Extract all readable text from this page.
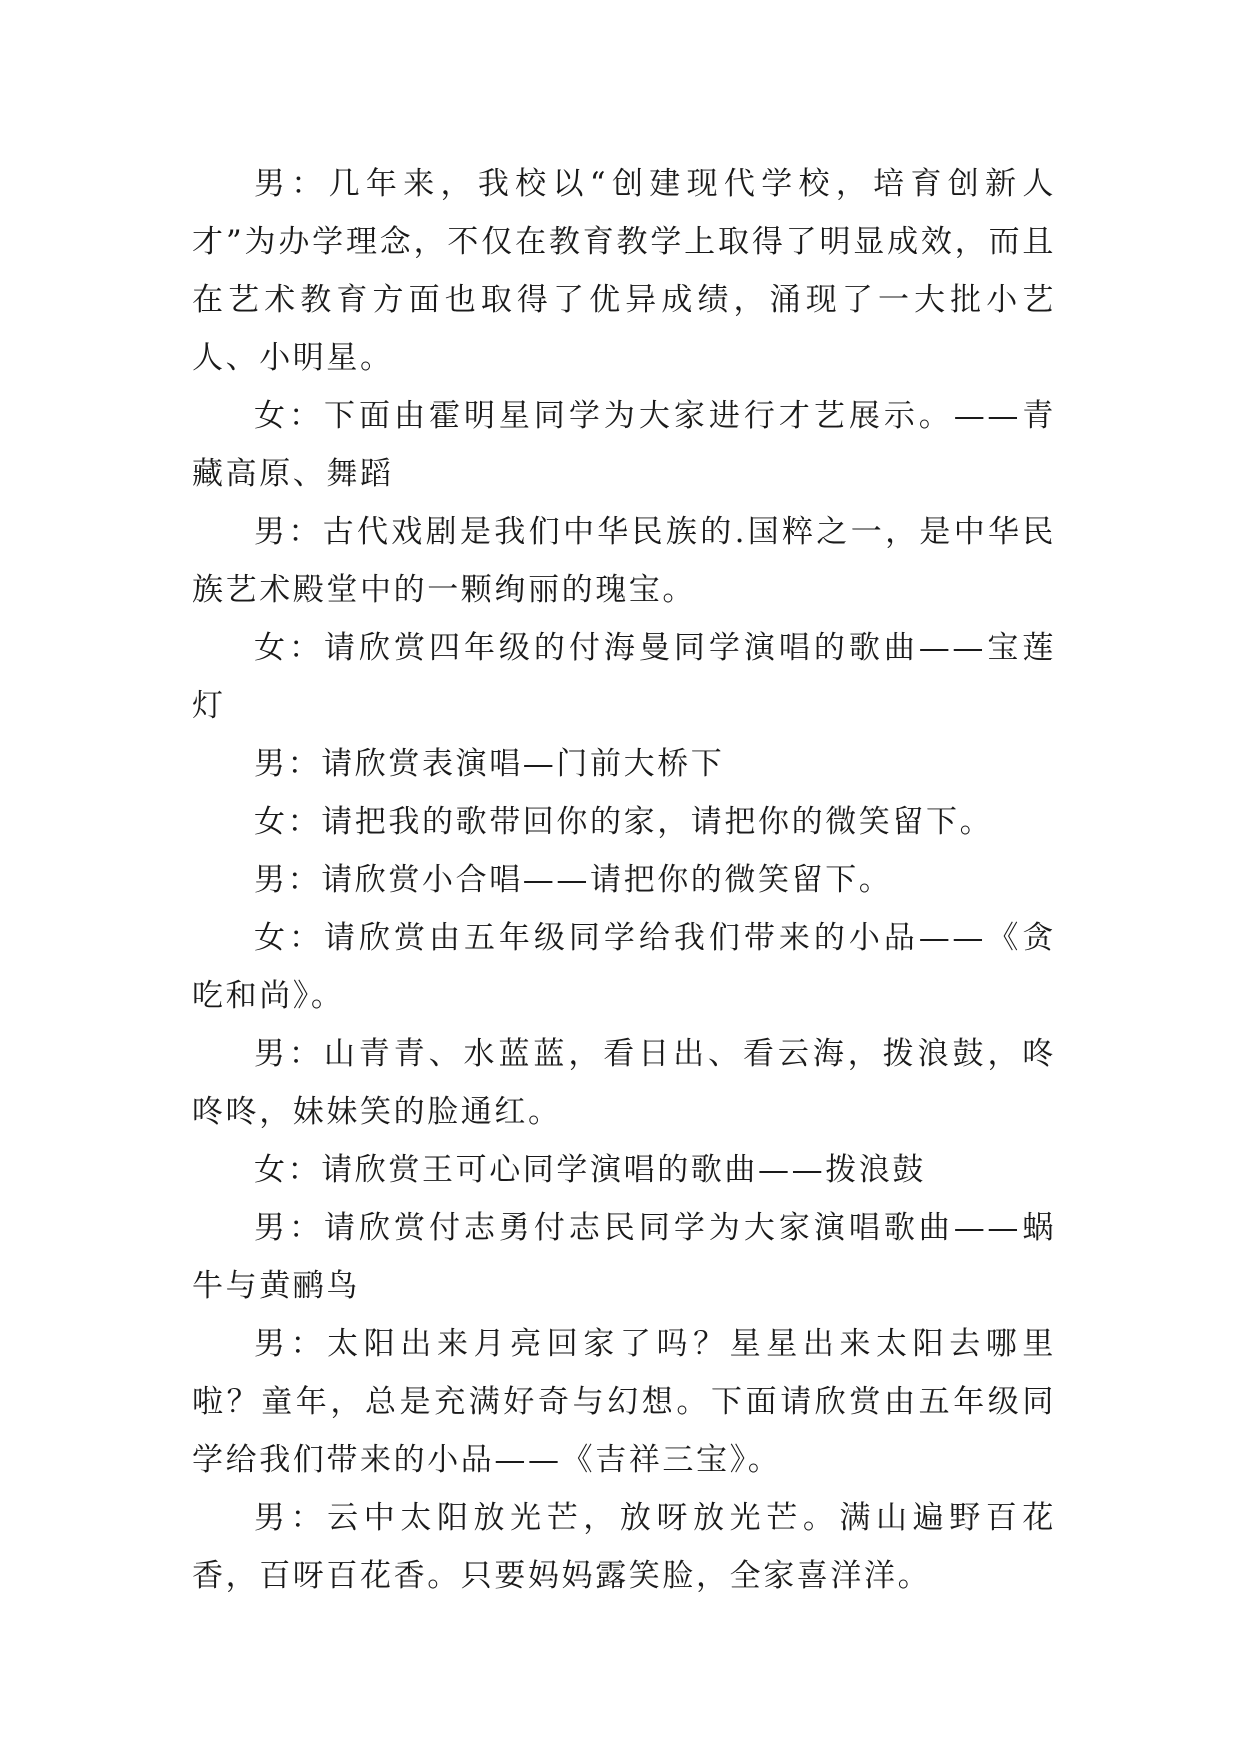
男：几年来，我校以“创建现代学校，培育创新人才”为办学理念，不仅在教育教学上取得了明显成效，而且在艺术教育方面也取得了优异成绩，涌现了一大批小艺人、小明星。

女：下面由霍明星同学为大家进行才艺展示。——青藏高原、舞蹈

男：古代戏剧是我们中华民族的.国粹之一，是中华民族艺术殿堂中的一颗绚丽的瑰宝。

女：请欣赏四年级的付海曼同学演唱的歌曲——宝莲灯

男：请欣赏表演唱—门前大桥下

女：请把我的歌带回你的家，请把你的微笑留下。

男：请欣赏小合唱——请把你的微笑留下。

女：请欣赏由五年级同学给我们带来的小品——《贪吃和尚》。

男：山青青、水蓝蓝，看日出、看云海，拨浪鼓，咚咚咚，妹妹笑的脸通红。

女：请欣赏王可心同学演唱的歌曲——拨浪鼓

男：请欣赏付志勇付志民同学为大家演唱歌曲——蜗牛与黄鹂鸟

男：太阳出来月亮回家了吗？星星出来太阳去哪里啦？童年，总是充满好奇与幻想。下面请欣赏由五年级同学给我们带来的小品——《吉祥三宝》。

男：云中太阳放光芒，放呀放光芒。满山遍野百花香，百呀百花香。只要妈妈露笑脸，全家喜洋洋。
